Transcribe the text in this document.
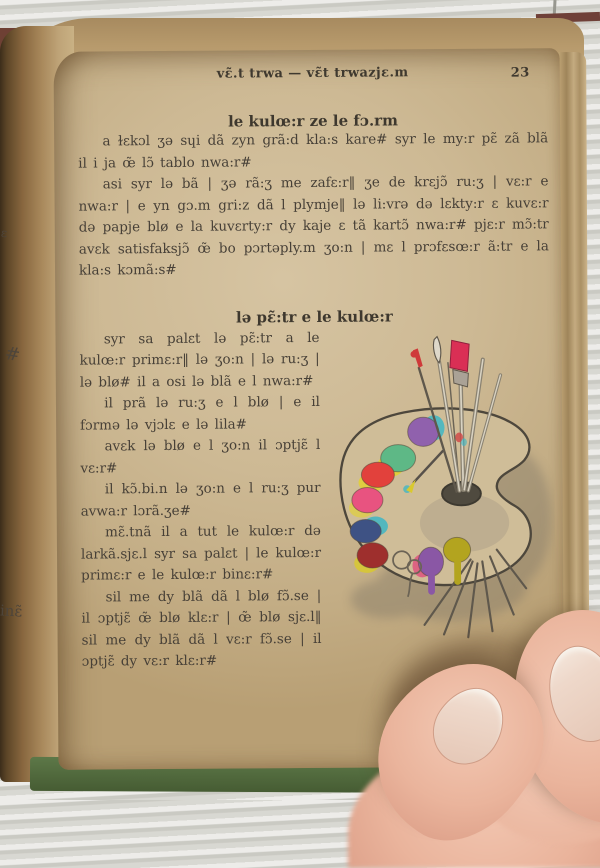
ɛ
#
inɛ̃
vɛ̃.t trwa — vɛ̃t trwazjɛ.m	23
le kulœ:r ze le fɔ.rm

a ɫɛkɔl ʒə sɥi dã zyn grã:d kla:s kare# syr le my:r pɛ̃ zã blã il i ja œ̃ lɔ̃ tablo nwa:r#

asi syr lə bã | ʒə rã:ʒ me zafɛ:r‖ ʒe de krɛjɔ̃ ru:ʒ | vɛ:r e nwa:r | e yn gɔ.m gri:z dã l plymje‖ lə li:vrə də lɛkty:r ɛ kuvɛ:r də papje blø e la kuvɛrty:r dy kaje ɛ tã kartɔ̃ nwa:r# pjɛ:r mɔ̃:tr avɛk satisfaksjɔ̃ œ̃ bo pɔrtəply.m ʒo:n | mɛ l prɔfɛsœ:r ã:tr e la kla:s kɔmã:s#

lə pɛ̃:tr e le kulœ:r

syr sa palɛt lə pɛ̃:tr a le kulœ:r primɛ:r‖ lə ʒo:n | lə ru:ʒ | lə blø# il a osi lə blã e l nwa:r#

il prã lə ru:ʒ e l blø | e il fɔrmə lə vjɔlɛ e lə lila#

avɛk lə blø e l ʒo:n il ɔptjɛ̃ l vɛ:r#

il kɔ̃.bi.n lə ʒo:n e l ru:ʒ pur avwa:r lɔrã.ʒe#

mɛ̃.tnã il a tut le kulœ:r də larkã.sjɛ.l syr sa palɛt | le kulœ:r primɛ:r e le kulœ:r binɛ:r#

sil me dy blã dã l blø fɔ̃.se | il ɔptjɛ̃ œ̃ blø klɛ:r | œ̃ blø sjɛ.l‖ sil me dy blã dã l vɛ:r fɔ̃.se | il ɔptjɛ̃ dy vɛ:r klɛ:r#
